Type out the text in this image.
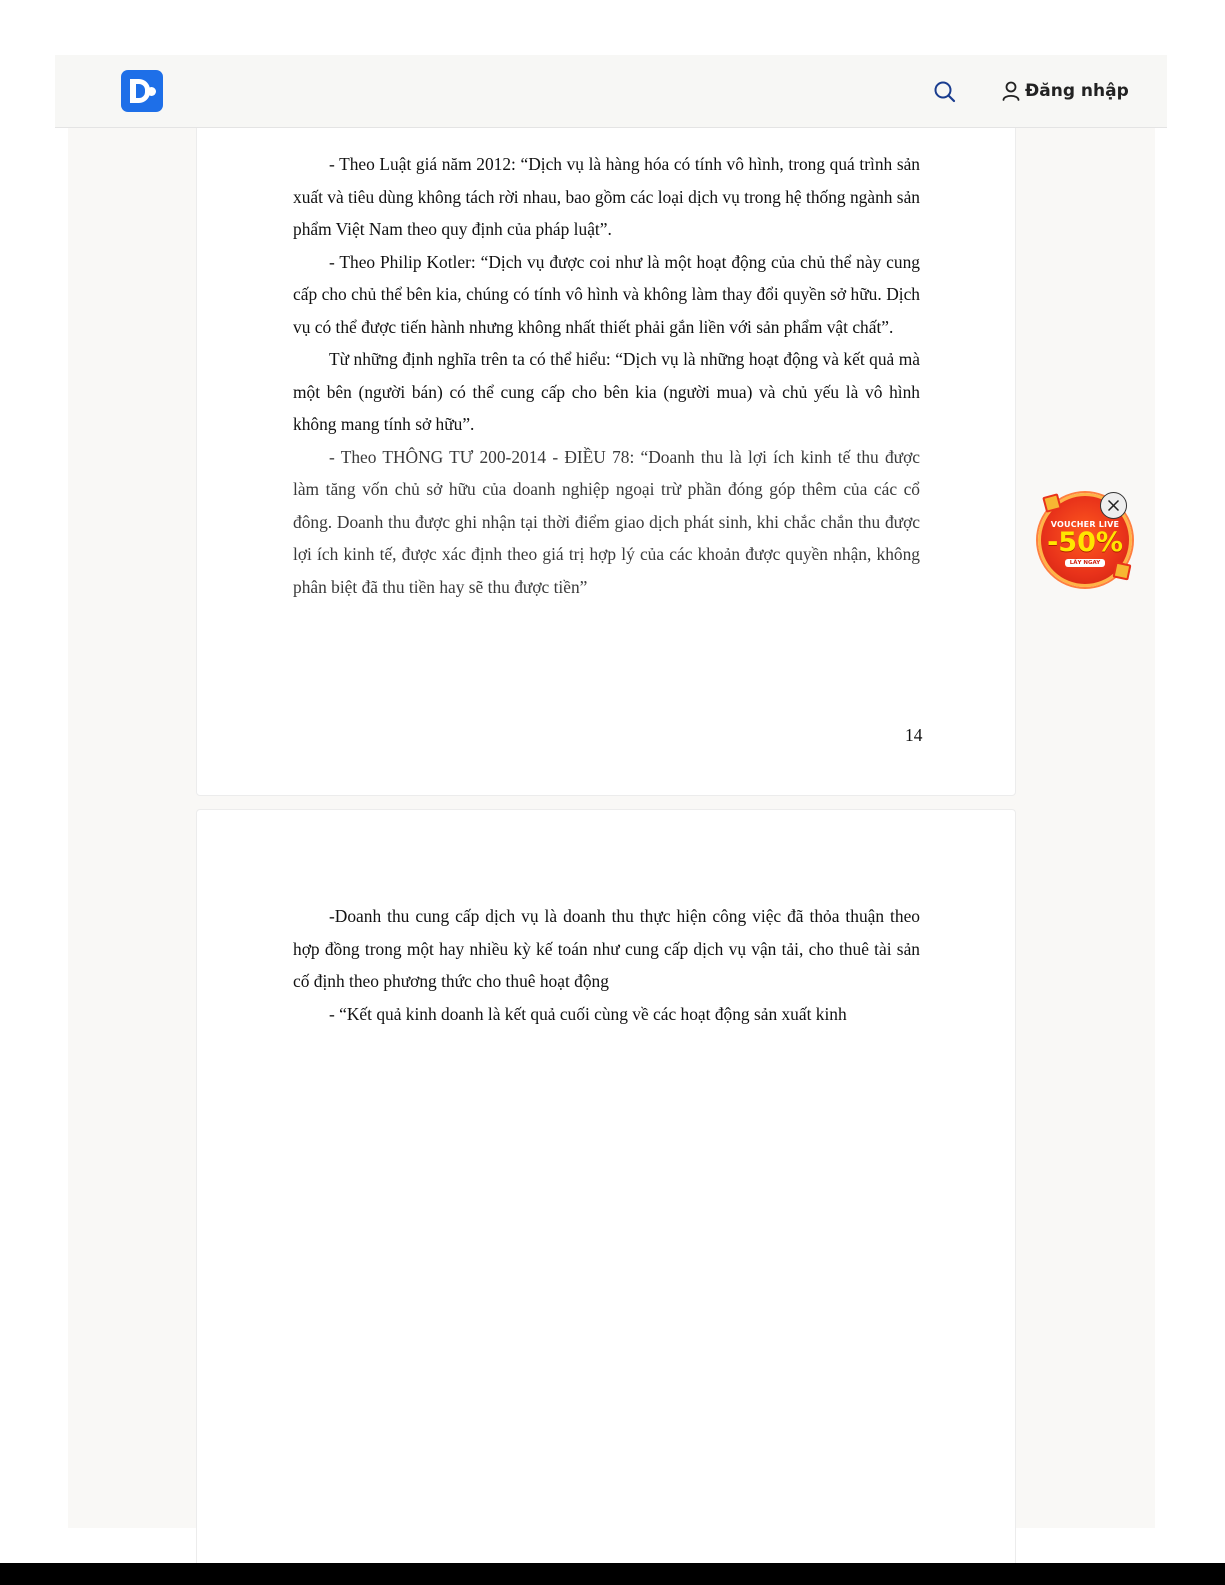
Đăng nhập

- Theo Luật giá năm 2012: “Dịch vụ là hàng hóa có tính vô hình, trong quá trình sản xuất và tiêu dùng không tách rời nhau, bao gồm các loại dịch vụ trong hệ thống ngành sản phẩm Việt Nam theo quy định của pháp luật”.

- Theo Philip Kotler: “Dịch vụ được coi như là một hoạt động của chủ thể này cung cấp cho chủ thể bên kia, chúng có tính vô hình và không làm thay đổi quyền sở hữu. Dịch vụ có thể được tiến hành nhưng không nhất thiết phải gắn liền với sản phẩm vật chất”.

Từ những định nghĩa trên ta có thể hiểu: “Dịch vụ là những hoạt động và kết quả mà một bên (người bán) có thể cung cấp cho bên kia (người mua) và chủ yếu là vô hình không mang tính sở hữu”.

- Theo THÔNG TƯ 200-2014 - ĐIỀU 78: “Doanh thu là lợi ích kinh tế thu được làm tăng vốn chủ sở hữu của doanh nghiệp ngoại trừ phần đóng góp thêm của các cổ đông. Doanh thu được ghi nhận tại thời điểm giao dịch phát sinh, khi chắc chắn thu được lợi ích kinh tế, được xác định theo giá trị hợp lý của các khoản được quyền nhận, không phân biệt đã thu tiền hay sẽ thu được tiền”

14

-Doanh thu cung cấp dịch vụ là doanh thu thực hiện công việc đã thỏa thuận theo hợp đồng trong một hay nhiều kỳ kế toán như cung cấp dịch vụ vận tải, cho thuê tài sản cố định theo phương thức cho thuê hoạt động

- “Kết quả kinh doanh là kết quả cuối cùng về các hoạt động sản xuất kinh

VOUCHER LIVE
-50%
LẤY NGAY
